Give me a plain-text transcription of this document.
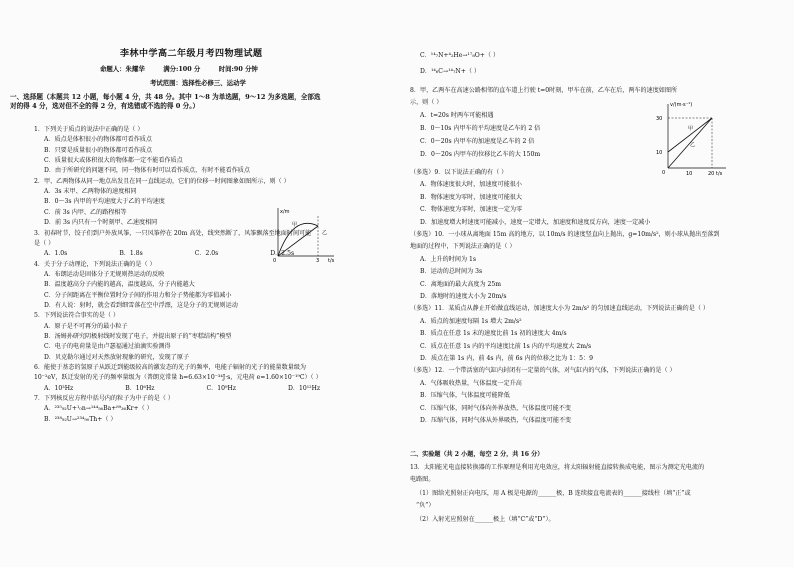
李林中学高二年级月考四物理试题
命题人：朱耀华	满分:100 分	时间:90 分钟
考试范围：选择性必修三、运动学
一、选择题（本题共 12 小题，每小题 4 分，共 48 分。其中 1～8 为单选题，9～12 为多选题，全部选
对的得 4 分，选对但不全的得 2 分，有选错或不选的得 0 分。）
1．下列关于质点的说法中正确的是（ ）
A．质点是体积很小的物体都可看作质点
B．只要是质量很小的物体都可看作质点
C．质量很大或体积很大的物体都一定不能看作质点
D．由于所研究的问题不同，同一物体有时可以看作质点，有时不能看作质点
2．甲、乙两物体从同一地点出发且在同一直线运动，它们的位移一时间图象如图所示，则（ ）
A．3s 末甲、乙两物体的速度相同
B．0～3s 内甲的平均速度大于乙的平均速度
C．前 3s 内甲、乙的路程相等
D．前 3s 内只有一个时刻甲、乙速度相同
3．初春时节，饺子们到户外放风筝，一只风筝停在 20m 高处，线突然断了，风筝飘落至地面时间可能
是（ ）
A．1.0s	B．1.8s	C．2.0s	D．2.5s
4．关于分子动理论，下列说法正确的是（ ）
A．布朗运动是固体分子无规则热运动的反映
B．温度越高分子内能的越高，温度越高，分子内能越大
C．分子间距离在平衡位置时分子间的作用力和分子势能都为零值减小
D．有人说：射时，就会看到细雪落在空中浮漂，这是分子的无规则运动
5．下列说法符合事实的是（ ）
A．原子是不可再分的最小粒子
B．汤姆孙研究阴极射线时发现了电子，并提出原子的“枣糕结构”模型
C．电子的电荷量是由卢瑟福通过油滴实验测得
D．贝克勒尔通过对天然放射现象的研究，发现了原子
6．能使于基态的氢原子从跃迁到能级较高的激发态的光子的频率，电能子辐射的光子的能量数量级为
10⁻²eV，跃迁发射的光子的频率量级为（普朗克常量 h=6.63×10⁻³⁴J·s，元电荷 e=1.60×10⁻¹⁹C）（ ）
A．10³Hz	B．10⁶Hz	C．10⁹Hz	D．10¹²Hz
7．下列核反应方程中括号内的粒子为中子的是（ ）
A．²³⁵₉₂U+¹₀n→¹⁴⁴₅₆Ba+⁸⁹₃₆Kr+（ ）
B．²³⁸₉₂U→²³⁴₉₀Th+（ ）
x/m
t/s
0	3
甲
乙
C．¹⁴₇N+⁴₂He→¹⁷₈O+（ ）
D．¹⁴₆C→¹⁴₇N+（ ）
8．甲、乙两车在高速公路相邻的直车道上行驶 t=0时刻，甲车在前，乙车在后，两车的速度如图所
示，则（ ）
A．t=20s 时两车可能相遇
B．0～10s 内甲车的平均速度是乙车的 2 倍
C．0～20s 内甲车的加速度是乙车的 2 倍
D．0～20s 内甲车的位移比乙车的大 150m
（多选）9．以下说法正确的有（ ）
A．物体速度很大时，加速度可能很小
B．物体速度为零时，加速度可能很大
C．物体速度为零时，加速度一定为零
D．加速度增大时速度可能减小，速度一定增大，加速度和速度反方向，速度一定减小
（多选）10．一小球从离地面 15m 高的地方，以 10m/s 的速度竖直向上抛出，g=10m/s²，则小球从抛出至落到
地面的过程中，下列说法正确的是（ ）
A．上升的时间为 1s
B．运动的总时间为 3s
C．离地面的最大高度为 25m
D．落地时的速度大小为 20m/s
（多选）11．某质点从静止开始做直线运动，加速度大小为 2m/s² 的匀加速直线运动，下列说法正确的是（ ）
A．质点的加速度每隔 1s 增大 2m/s²
B．质点在任意 1s 末的速度比前 1s 初的速度大 4m/s
C．质点在任意 1s 内的平均速度比前 1s 内的平均速度大 2m/s
D．质点在第 1s 内，前 4s 内，前 6s 内的位移之比为 1：5：9
（多选）12．一个带活塞的气缸内封闭有一定量的气体，对气缸内的气体，下列说法正确的是（ ）
A．气体吸收热量，气体温度一定升高
B．压缩气体，气体温度可能降低
C．压缩气体，同时气体向外界放热，气体温度可能不变
D．压缩气体，同时气体从外界吸热，气体温度可能不变
二、实验题（共 2 小题，每空 2 分，共 16 分）
13．太阳能光电直接转换器的工作原理是利用光电效应，将太阳辐射能直接转换成电能，图示为测定光电流的
电路图。
（1）图给光照射正向电压，用 A 极是电源的______极，B 连续接直电流表的______接线柱（填“正”或
“负”）
（2）入射光应照射在______极上（填“C”或“D”）。
v/(m·s⁻¹)
t/s
0
10
30
10	20
甲
乙
